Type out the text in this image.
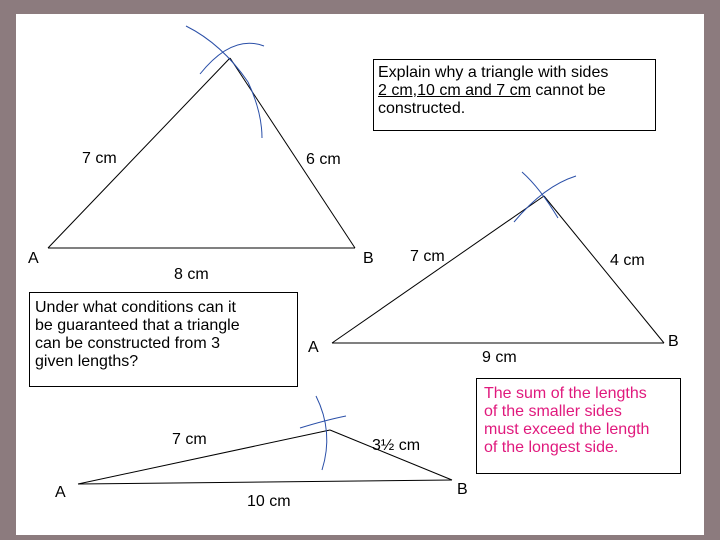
Explain why a triangle with sides
2 cm,10 cm and 7 cm cannot be
constructed.
7 cm	6 cm
A	B
8 cm
7 cm	4 cm
A	B
9 cm
Under what conditions can it
be guaranteed that a triangle
can be constructed from 3
given lengths?
The sum of the lengths
of the smaller sides
must exceed the length
of the longest side.
7 cm	3½ cm
A	B
10 cm
